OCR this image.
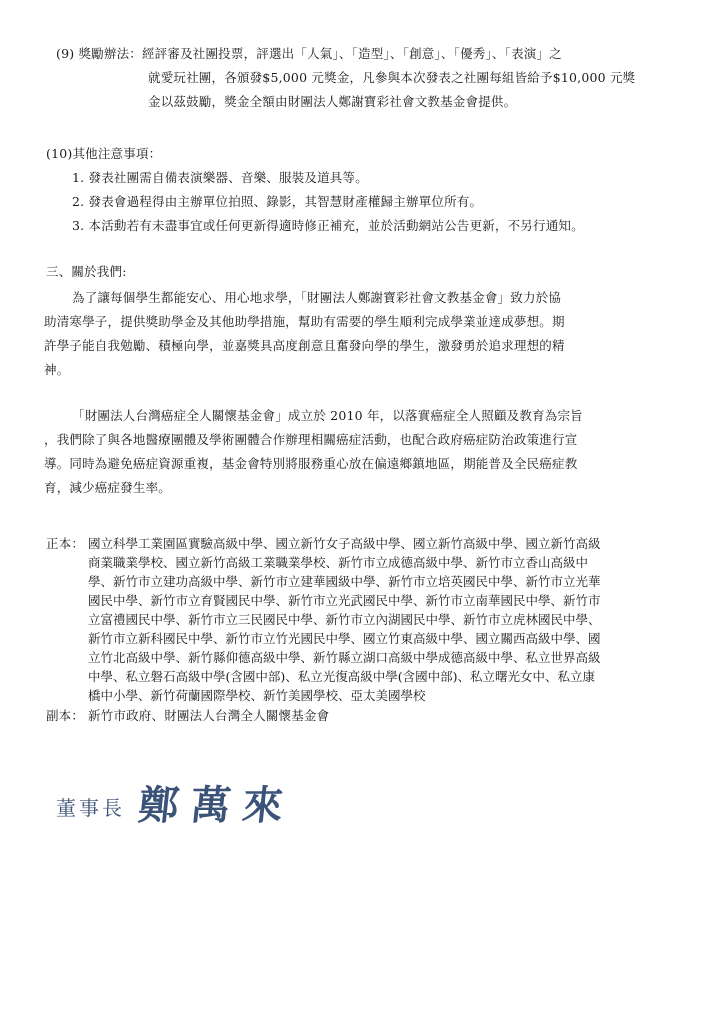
(9) 獎勵辦法：經評審及社團投票，評選出「人氣」、「造型」、「創意」、「優秀」、「表演」之
就愛玩社團，各頒發$5,000 元獎金，凡參與本次發表之社團每組皆給予$10,000 元獎
金以茲鼓勵，獎金全額由財團法人鄭謝寶彩社會文教基金會提供。
(10)其他注意事項：
1. 發表社團需自備表演樂器、音樂、服裝及道具等。
2. 發表會過程得由主辦單位拍照、錄影，其智慧財產權歸主辦單位所有。
3. 本活動若有未盡事宜或任何更新得適時修正補充，並於活動網站公告更新，不另行通知。
三、關於我們:
為了讓每個學生都能安心、用心地求學，「財團法人鄭謝寶彩社會文教基金會」致力於協
助清寒學子，提供獎助學金及其他助學措施，幫助有需要的學生順利完成學業並達成夢想。期
許學子能自我勉勵、積極向學，並嘉獎具高度創意且奮發向學的學生，激發勇於追求理想的精
神。
「財團法人台灣癌症全人關懷基金會」成立於 2010 年，以落實癌症全人照顧及教育為宗旨
，我們除了與各地醫療團體及學術團體合作辦理相關癌症活動，也配合政府癌症防治政策進行宣
導。同時為避免癌症資源重複，基金會特別將服務重心放在偏遠鄉鎮地區，期能普及全民癌症教
育，減少癌症發生率。
正本： 國立科學工業園區實驗高級中學、國立新竹女子高級中學、國立新竹高級中學、國立新竹高級
商業職業學校、國立新竹高級工業職業學校、新竹市立成德高級中學、新竹市立香山高級中
學、新竹市立建功高級中學、新竹市立建華國級中學、新竹市立培英國民中學、新竹市立光華
國民中學、新竹市立育賢國民中學、新竹市立光武國民中學、新竹市立南華國民中學、新竹市
立富禮國民中學、新竹市立三民國民中學、新竹市立內湖國民中學、新竹市立虎林國民中學、
新竹市立新科國民中學、新竹市立竹光國民中學、國立竹東高級中學、國立關西高級中學、國
立竹北高級中學、新竹縣仰德高級中學、新竹縣立湖口高級中學成德高級中學、私立世界高級
中學、私立磐石高級中學(含國中部)、私立光復高級中學(含國中部)、私立曙光女中、私立康
橋中小學、新竹荷蘭國際學校、新竹美國學校、亞太美國學校
副本： 新竹市政府、財團法人台灣全人關懷基金會
董事長 鄭萬來
